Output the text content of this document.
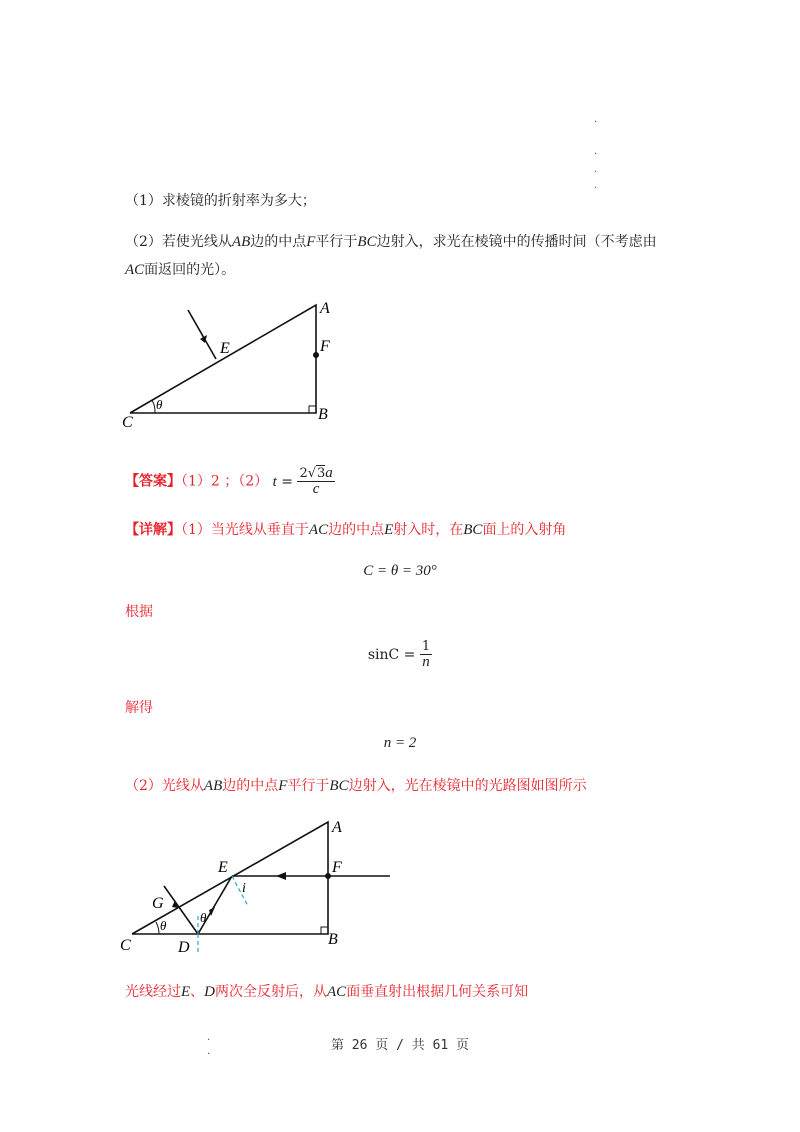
·
·
·
·
（1）求棱镜的折射率为多大；
（2）若使光线从AB边的中点F平行于BC边射入，求光在棱镜中的传播时间（不考虑由
AC面返回的光）。
A
F
B
C
E
θ
【答案】（1）2 ；（2） $t = \frac{2√3a}{c}$
【详解】（1）当光线从垂直于AC边的中点E射入时，在BC面上的入射角
C = θ = 30°
根据
$\sin C = \frac{1}{n}$
解得
n = 2
（2）光线从AB边的中点F平行于BC边射入，光在棱镜中的光路图如图所示
A
F
B
C	D
E
G
i
θ
θ
光线经过E、D两次全反射后，从AC面垂直射出根据几何关系可知
·
·
第 26 页 / 共 61 页
